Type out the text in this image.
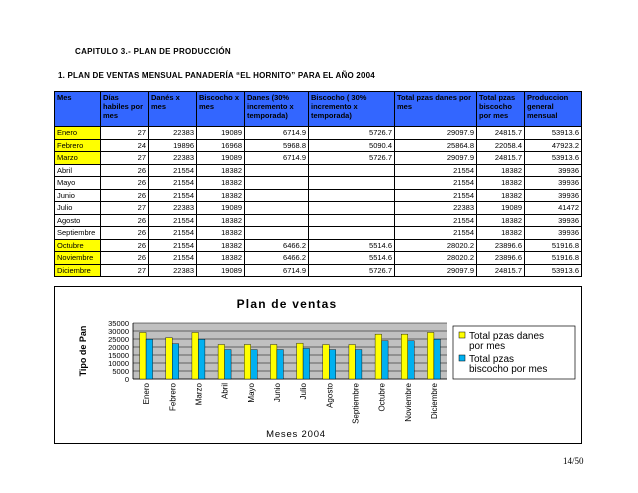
CAPITULO 3.- PLAN DE PRODUCCIÓN
1. PLAN DE VENTAS MENSUAL PANADERÍA “EL HORNITO” PARA EL AÑO 2004
Mes	Días habiles por mes	Danés x mes	Biscocho x mes	Danes (30% incremento x temporada)	Biscocho ( 30% incremento x temporada)	Total pzas danes por mes	Total pzas biscocho por mes	Produccion general mensual
Enero	27	22383	19089	6714.9	5726.7	29097.9	24815.7	53913.6
Febrero	24	19896	16968	5968.8	5090.4	25864.8	22058.4	47923.2
Marzo	27	22383	19089	6714.9	5726.7	29097.9	24815.7	53913.6
Abril	26	21554	18382			21554	18382	39936
Mayo	26	21554	18382			21554	18382	39936
Junio	26	21554	18382			21554	18382	39936
Julio	27	22383	19089			22383	19089	41472
Agosto	26	21554	18382			21554	18382	39936
Septiembre	26	21554	18382			21554	18382	39936
Octubre	26	21554	18382	6466.2	5514.6	28020.2	23896.6	51916.8
Noviembre	26	21554	18382	6466.2	5514.6	28020.2	23896.6	51916.8
Diciembre	27	22383	19089	6714.9	5726.7	29097.9	24815.7	53913.6
0
5000
10000
15000
20000
25000
30000
35000
Enero Febrero Marzo Abril Mayo Junio Julio Agosto Septiembre Octubre Noviembre Diciembre
Plan de ventas
Meses 2004
Tipo de Pan	Total pzas danes por mes
Total pzas biscocho por mes
14/50
